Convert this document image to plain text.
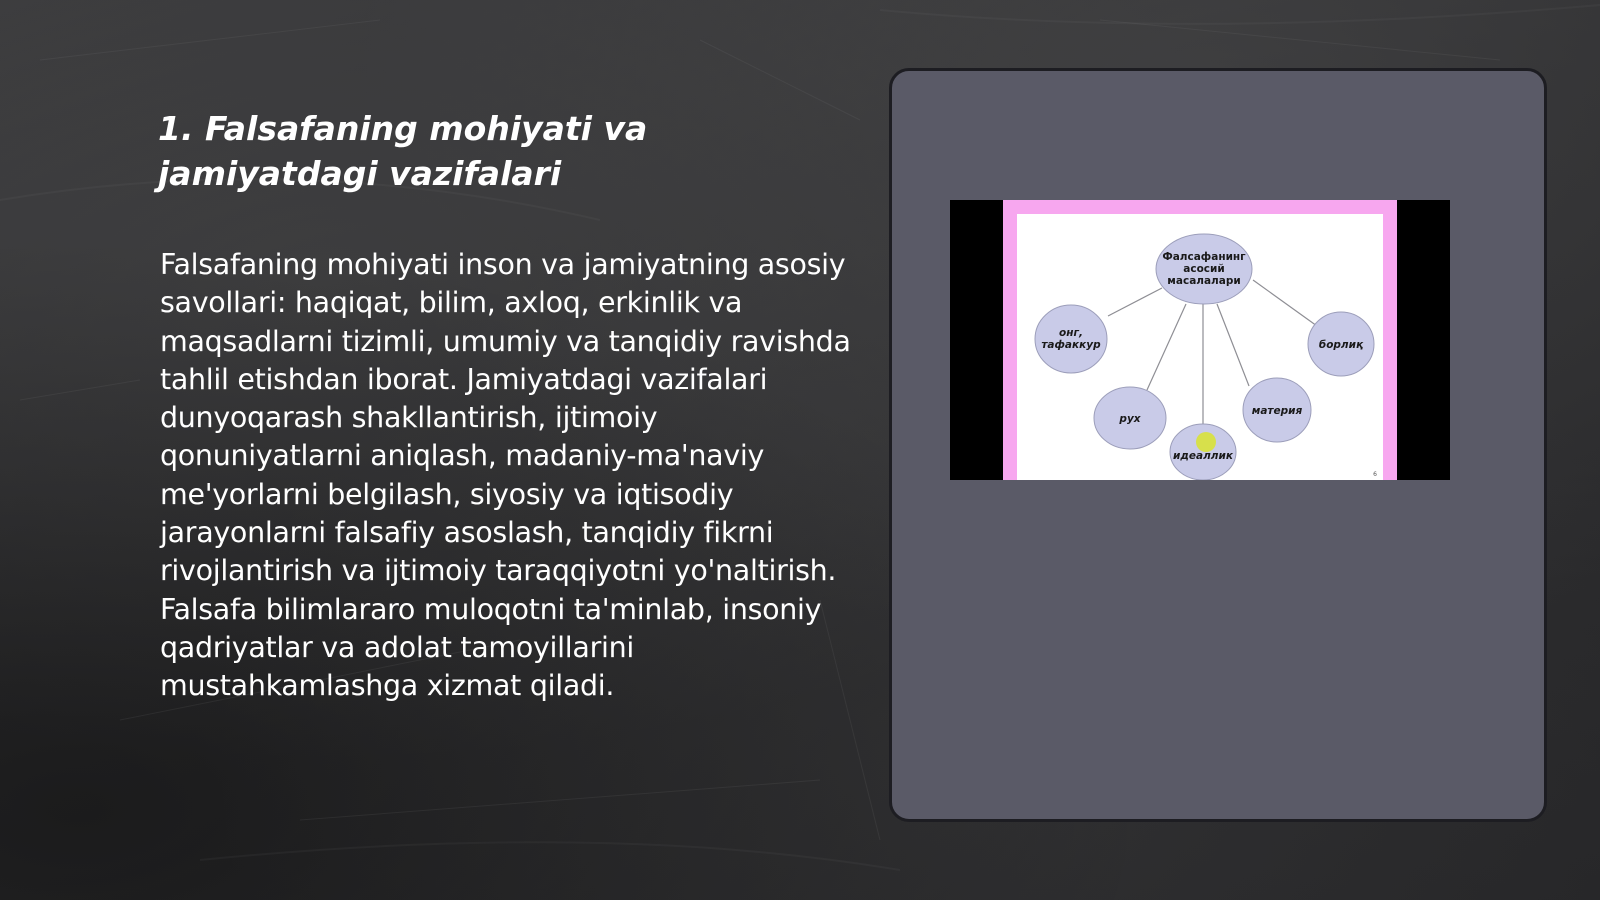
1. Falsafaning mohiyati va jamiyatdagi vazifalari

Falsafaning mohiyati inson va jamiyatning asosiy savollari: haqiqat, bilim, axloq, erkinlik va maqsadlarni tizimli, umumiy va tanqidiy ravishda tahlil etishdan iborat. Jamiyatdagi vazifalari dunyoqarash shakllantirish, ijtimoiy qonuniyatlarni aniqlash, madaniy-ma'naviy me'yorlarni belgilash, siyosiy va iqtisodiy jarayonlarni falsafiy asoslash, tanqidiy fikrni rivojlantirish va ijtimoiy taraqqiyotni yo'naltirish. Falsafa bilimlararo muloqotni ta'minlab, insoniy qadriyatlar va adolat tamoyillarini mustahkamlashga xizmat qiladi.

Фалсафанинг
асосий
масалалари
онг,
тафаккур	борлиқ
рух
материя
идеаллик
6
